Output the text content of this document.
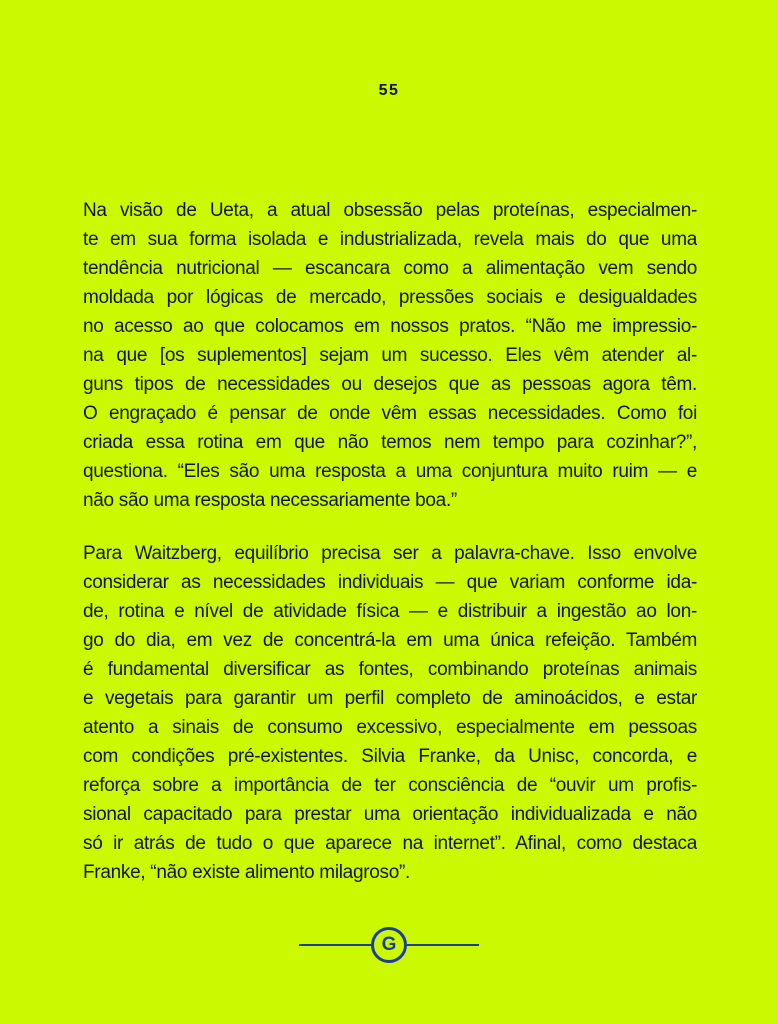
55
Na visão de Ueta, a atual obsessão pelas proteínas, especialmen-
te em sua forma isolada e industrializada, revela mais do que uma
tendência nutricional — escancara como a alimentação vem sendo
moldada por lógicas de mercado, pressões sociais e desigualdades
no acesso ao que colocamos em nossos pratos. “Não me impressio-
na que [os suplementos] sejam um sucesso. Eles vêm atender al-
guns tipos de necessidades ou desejos que as pessoas agora têm.
O engraçado é pensar de onde vêm essas necessidades. Como foi
criada essa rotina em que não temos nem tempo para cozinhar?”,
questiona. “Eles são uma resposta a uma conjuntura muito ruim — e
não são uma resposta necessariamente boa.”
Para Waitzberg, equilíbrio precisa ser a palavra-chave. Isso envolve
considerar as necessidades individuais — que variam conforme ida-
de, rotina e nível de atividade física — e distribuir a ingestão ao lon-
go do dia, em vez de concentrá-la em uma única refeição. Também
é fundamental diversificar as fontes, combinando proteínas animais
e vegetais para garantir um perfil completo de aminoácidos, e estar
atento a sinais de consumo excessivo, especialmente em pessoas
com condições pré-existentes. Silvia Franke, da Unisc, concorda, e
reforça sobre a importância de ter consciência de “ouvir um profis-
sional capacitado para prestar uma orientação individualizada e não
só ir atrás de tudo o que aparece na internet”. Afinal, como destaca
Franke, “não existe alimento milagroso”.
G
